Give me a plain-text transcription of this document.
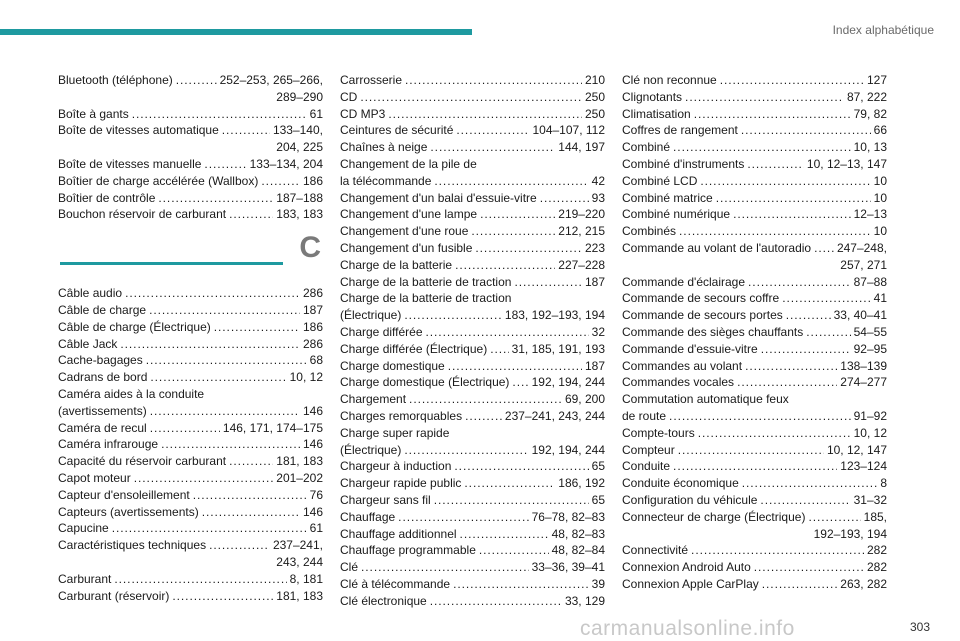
Index alphabétique
Bluetooth (téléphone) . . .	252–253, 265–266,
289–290
Boîte à gants . . .	61
Boîte de vitesses automatique . . .	133–140,
204, 225
Boîte de vitesses manuelle . . .	133–134, 204
Boîtier de charge accélérée (Wallbox) . . .	186
Boîtier de contrôle . . .	187–188
Bouchon réservoir de carburant . . .	183, 183
C
Câble audio . . .	286
Câble de charge . . .	187
Câble de charge (Électrique) . . .	186
Câble Jack . . .	286
Cache-bagages . . .	68
Cadrans de bord . . .	10, 12
Caméra aides à la conduite
(avertissements) . . .	146
Caméra de recul . . .	146, 171, 174–175
Caméra infrarouge . . .	146
Capacité du réservoir carburant . . .	181, 183
Capot moteur . . .	201–202
Capteur d'ensoleillement . . .	76
Capteurs (avertissements) . . .	146
Capucine . . .	61
Caractéristiques techniques . . .	237–241,
243, 244
Carburant . . .	8, 181
Carburant (réservoir) . . .	181, 183
Carrosserie . . .	210
CD . . .	250
CD MP3 . . .	250
Ceintures de sécurité . . .	104–107, 112
Chaînes à neige . . .	144, 197
Changement de la pile de
la télécommande . . .	42
Changement d'un balai d'essuie-vitre . . .	93
Changement d'une lampe . . .	219–220
Changement d'une roue . . .	212, 215
Changement d'un fusible . . .	223
Charge de la batterie . . .	227–228
Charge de la batterie de traction . . .	187
Charge de la batterie de traction
(Électrique) . . .	183, 192–193, 194
Charge différée . . .	32
Charge différée (Électrique) . . . 31, 185, 191, 193
Charge domestique . . .	187
Charge domestique (Électrique) . . . 192, 194, 244
Chargement . . .	69, 200
Charges remorquables . . .	237–241, 243, 244
Charge super rapide
(Électrique) . . .	192, 194, 244
Chargeur à induction . . .	65
Chargeur rapide public . . .	186, 192
Chargeur sans fil . . .	65
Chauffage . . .	76–78, 82–83
Chauffage additionnel . . .	48, 82–83
Chauffage programmable . . .	48, 82–84
Clé . . .	33–36, 39–41
Clé à télécommande . . .	39
Clé électronique . . .	33, 129
Clé non reconnue . . .	127
Clignotants . . .	87, 222
Climatisation . . .	79, 82
Coffres de rangement . . .	66
Combiné . . .	10, 13
Combiné d'instruments . . .	10, 12–13, 147
Combiné LCD . . .	10
Combiné matrice . . .	10
Combiné numérique . . .	12–13
Combinés . . .	10
Commande au volant de l'autoradio . . . 247–248,
257, 271
Commande d'éclairage . . .	87–88
Commande de secours coffre . . .	41
Commande de secours portes . . .	33, 40–41
Commande des sièges chauffants . . .	54–55
Commande d'essuie-vitre . . .	92–95
Commandes au volant . . .	138–139
Commandes vocales . . .	274–277
Commutation automatique feux
de route . . .	91–92
Compte-tours . . .	10, 12
Compteur . . .	10, 12, 147
Conduite . . .	123–124
Conduite économique . . .	8
Configuration du véhicule . . .	31–32
Connecteur de charge (Électrique) . . .	185,
192–193, 194
Connectivité . . .	282
Connexion Android Auto . . .	282
Connexion Apple CarPlay . . .	263, 282
carmanualsonline.info	303
